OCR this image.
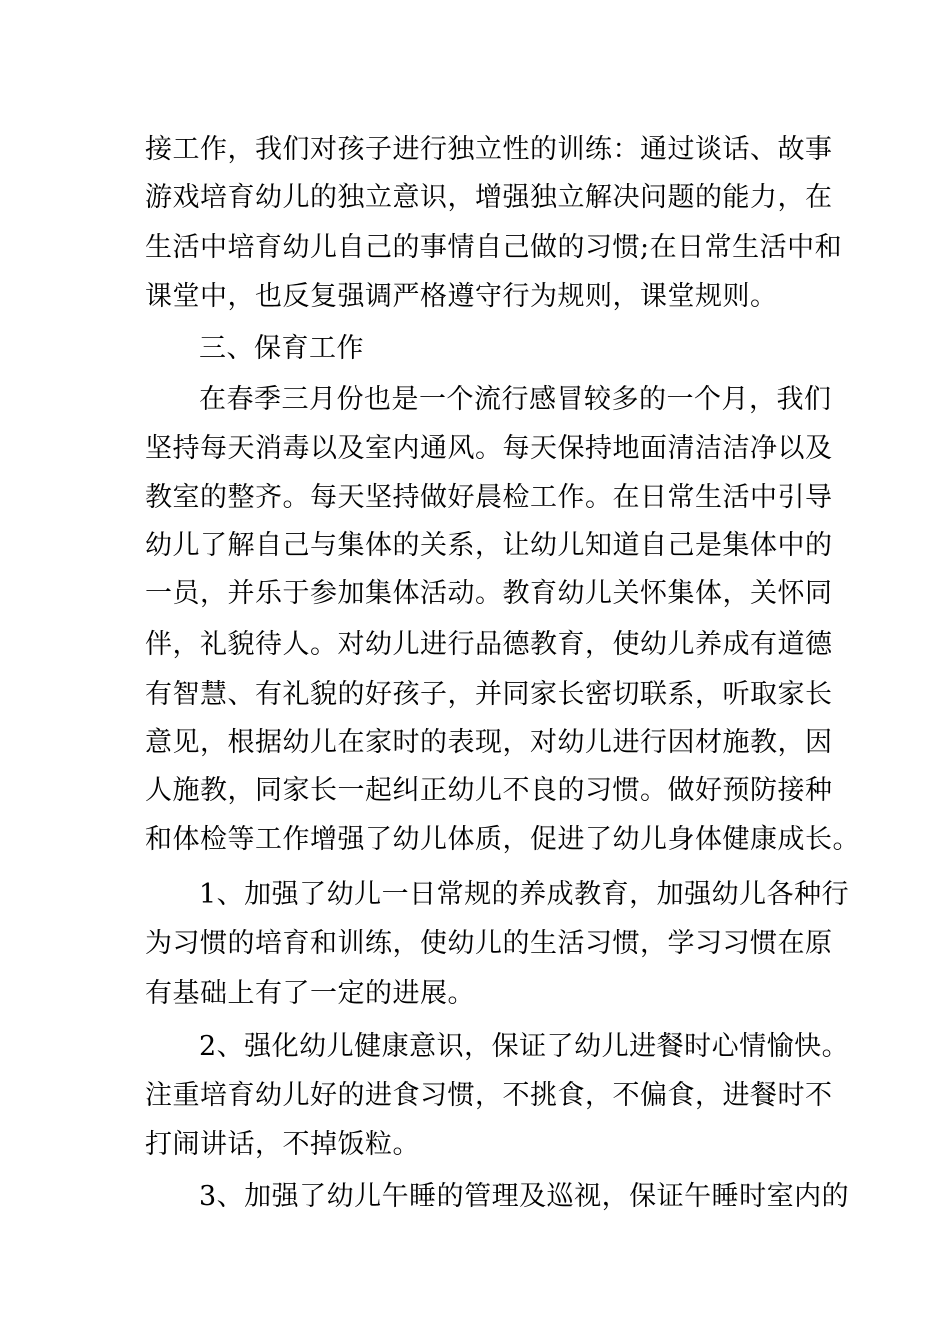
接工作，我们对孩子进行独立性的训练：通过谈话、故事
游戏培育幼儿的独立意识，增强独立解决问题的能力，在
生活中培育幼儿自己的事情自己做的习惯;在日常生活中和
课堂中，也反复强调严格遵守行为规则，课堂规则。
三、保育工作
在春季三月份也是一个流行感冒较多的一个月，我们
坚持每天消毒以及室内通风。每天保持地面清洁洁净以及
教室的整齐。每天坚持做好晨检工作。在日常生活中引导
幼儿了解自己与集体的关系，让幼儿知道自己是集体中的
一员，并乐于参加集体活动。教育幼儿关怀集体，关怀同
伴，礼貌待人。对幼儿进行品德教育，使幼儿养成有道德
有智慧、有礼貌的好孩子，并同家长密切联系，听取家长
意见，根据幼儿在家时的表现，对幼儿进行因材施教，因
人施教，同家长一起纠正幼儿不良的习惯。做好预防接种
和体检等工作增强了幼儿体质，促进了幼儿身体健康成长。
1、加强了幼儿一日常规的养成教育，加强幼儿各种行
为习惯的培育和训练，使幼儿的生活习惯，学习习惯在原
有基础上有了一定的进展。
2、强化幼儿健康意识，保证了幼儿进餐时心情愉快。
注重培育幼儿好的进食习惯，不挑食，不偏食，进餐时不
打闹讲话，不掉饭粒。
3、加强了幼儿午睡的管理及巡视，保证午睡时室内的
